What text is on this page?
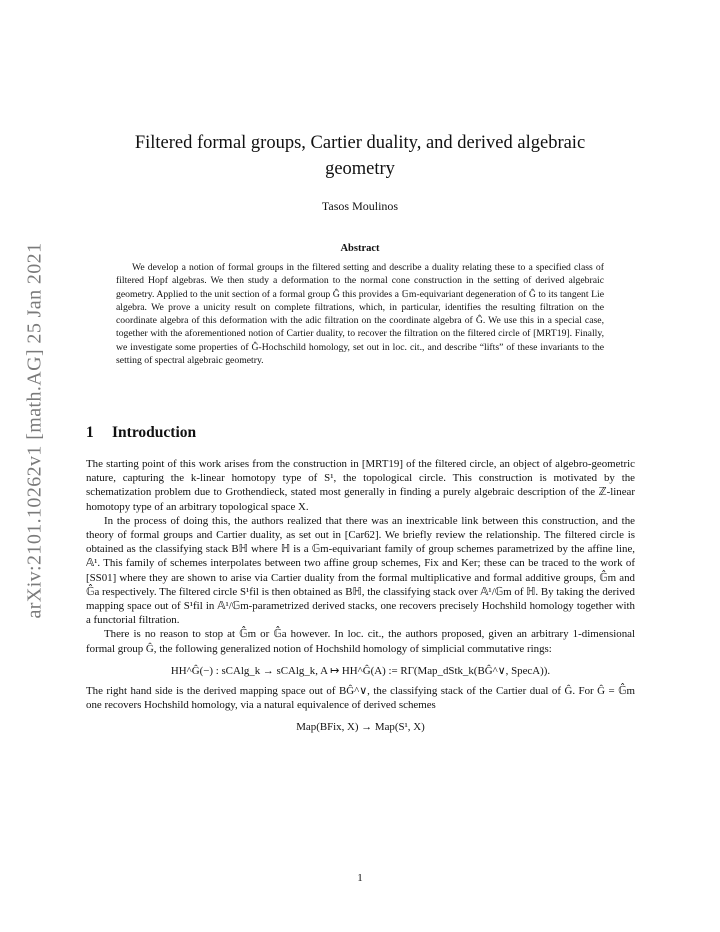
arXiv:2101.10262v1 [math.AG] 25 Jan 2021
Filtered formal groups, Cartier duality, and derived algebraic geometry
Tasos Moulinos
Abstract

We develop a notion of formal groups in the filtered setting and describe a duality relating these to a specified class of filtered Hopf algebras. We then study a deformation to the normal cone construction in the setting of derived algebraic geometry. Applied to the unit section of a formal group Ĝ this provides a 𝔾m-equivariant degeneration of Ĝ to its tangent Lie algebra. We prove a unicity result on complete filtrations, which, in particular, identifies the resulting filtration on the coordinate algebra of this deformation with the adic filtration on the coordinate algebra of Ĝ. We use this in a special case, together with the aforementioned notion of Cartier duality, to recover the filtration on the filtered circle of [MRT19]. Finally, we investigate some properties of Ĝ-Hochschild homology, set out in loc. cit., and describe “lifts” of these invariants to the setting of spectral algebraic geometry.

1 Introduction

The starting point of this work arises from the construction in [MRT19] of the filtered circle, an object of algebro-geometric nature, capturing the k-linear homotopy type of S¹, the topological circle. This construction is motivated by the schematization problem due to Grothendieck, stated most generally in finding a purely algebraic description of the ℤ-linear homotopy type of an arbitrary topological space X.

In the process of doing this, the authors realized that there was an inextricable link between this construction, and the theory of formal groups and Cartier duality, as set out in [Car62]. We briefly review the relationship. The filtered circle is obtained as the classifying stack Bℍ where ℍ is a 𝔾m-equivariant family of group schemes parametrized by the affine line, 𝔸¹. This family of schemes interpolates between two affine group schemes, Fix and Ker; these can be traced to the work of [SS01] where they are shown to arise via Cartier duality from the formal multiplicative and formal additive groups, 𝔾̂m and 𝔾̂a respectively. The filtered circle S¹fil is then obtained as Bℍ, the classifying stack over 𝔸¹/𝔾m of ℍ. By taking the derived mapping space out of S¹fil in 𝔸¹/𝔾m-parametrized derived stacks, one recovers precisely Hochshild homology together with a functorial filtration.

There is no reason to stop at 𝔾̂m or 𝔾̂a however. In loc. cit., the authors proposed, given an arbitrary 1-dimensional formal group Ĝ, the following generalized notion of Hochshild homology of simplicial commutative rings:

HH^Ĝ(−) : sCAlg_k → sCAlg_k, A ↦ HH^Ĝ(A) := RΓ(Map_dStk_k(BĜ^∨, SpecA)).

The right hand side is the derived mapping space out of BĜ^∨, the classifying stack of the Cartier dual of Ĝ. For Ĝ = 𝔾̂m one recovers Hochshild homology, via a natural equivalence of derived schemes

Map(BFix, X) → Map(S¹, X)
1
